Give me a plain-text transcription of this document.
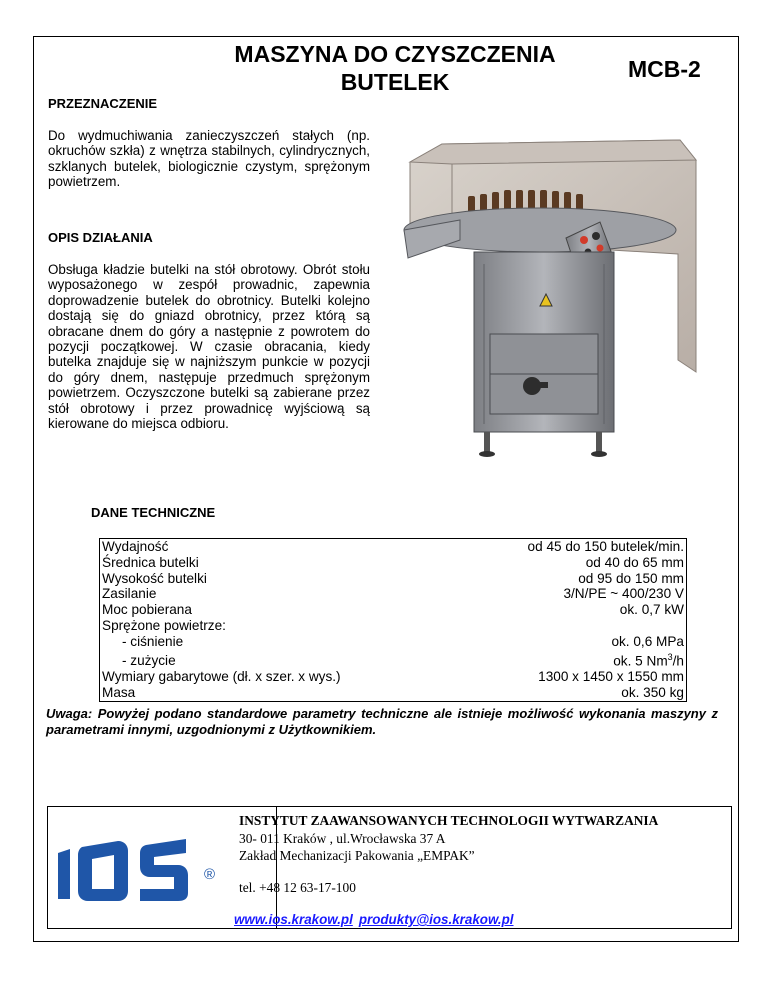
MASZYNA DO CZYSZCZENIA
BUTELEK	MCB-2
PRZEZNACZENIE
Do wydmuchiwania zanieczyszczeń stałych (np. okruchów szkła) z wnętrza stabilnych, cylindrycznych, szklanych butelek, biologicznie czystym, sprężonym powietrzem.
OPIS DZIAŁANIA
Obsługa kładzie butelki na stół obrotowy. Obrót stołu wyposażonego w zespół prowadnic, zapewnia doprowadzenie butelek do obrotnicy. Butelki kolejno dostają się do gniazd obrotnicy, przez którą są obracane dnem do góry a następnie z powrotem do pozycji początkowej. W czasie obracania, kiedy butelka znajduje się w najniższym punkcie w pozycji do góry dnem, następuje przedmuch sprężonym powietrzem. Oczyszczone butelki są zabierane przez stół obrotowy i przez prowadnicę wyjściową są kierowane do miejsca odbioru.
DANE TECHNICZNE
Wydajność	od 45 do 150 butelek/min.
Średnica butelki	od 40 do 65 mm
Wysokość butelki	od 95 do 150 mm
Zasilanie	3/N/PE ~ 400/230 V
Moc pobierana	ok. 0,7 kW
Sprężone powietrze:	
- ciśnienie	ok. 0,6 MPa
- zużycie	ok. 5 Nm$^3$/h
Wymiary gabarytowe (dł. x szer. x wys.)	1300 x 1450 x 1550 mm
Masa	ok. 350 kg
Uwaga: Powyżej podano standardowe parametry techniczne ale istnieje możliwość wykonania maszyny z parametrami innymi, uzgodnionymi z Użytkownikiem.
®
INSTYTUT ZAAWANSOWANYCH TECHNOLOGII WYTWARZANIA
30- 011 Kraków , ul.Wrocławska 37 A
Zakład Mechanizacji Pakowania „EMPAK”
tel. +48 12 63-17-100
www.ios.krakow.pl produkty@ios.krakow.pl
